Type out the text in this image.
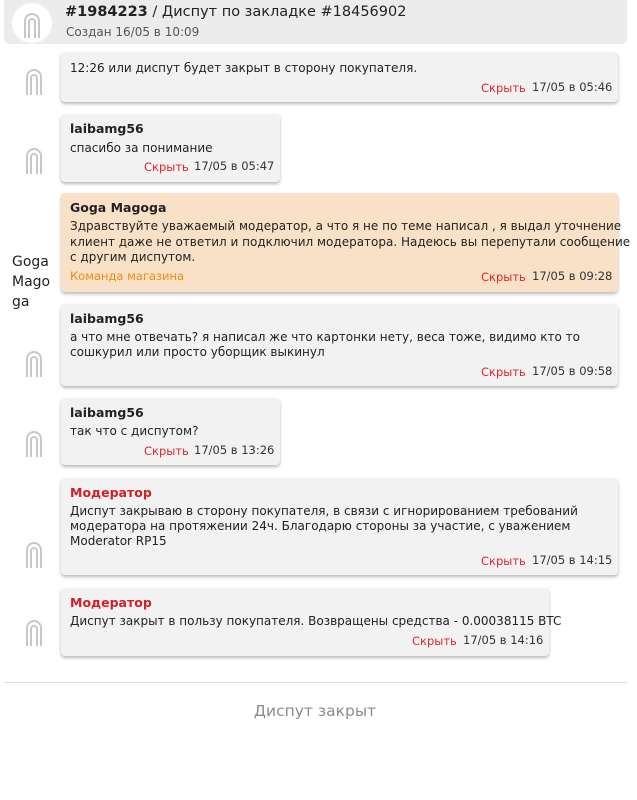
#1984223 / Диспут по закладке #18456902
Создан 16/05 в 10:09
Goga Magoga
12:26 или диспут будет закрыт в сторону покупателя.
Скрыть 17/05 в 05:46
laibamg56
спасибо за понимание
Скрыть 17/05 в 05:47
Goga Magoga
Здравствуйте уважаемый модератор, а что я не по теме написал , я выдал уточнение
клиент даже не ответил и подключил модератора. Надеюсь вы перепутали сообщение
с другим диспутом.
Команда магазина	Скрыть 17/05 в 09:28
laibamg56
а что мне отвечать? я написал же что картонки нету, веса тоже, видимо кто то
сошкурил или просто уборщик выкинул
Скрыть 17/05 в 09:58
laibamg56
так что с диспутом?
Скрыть 17/05 в 13:26
Модератор
Диспут закрываю в сторону покупателя, в связи с игнорированием требований
модератора на протяжении 24ч. Благодарю стороны за участие, с уважением
Moderator RP15
Скрыть 17/05 в 14:15
Модератор
Диспут закрыт в пользу покупателя. Возвращены средства - 0.00038115 BTC
Скрыть 17/05 в 14:16
Диспут закрыт
